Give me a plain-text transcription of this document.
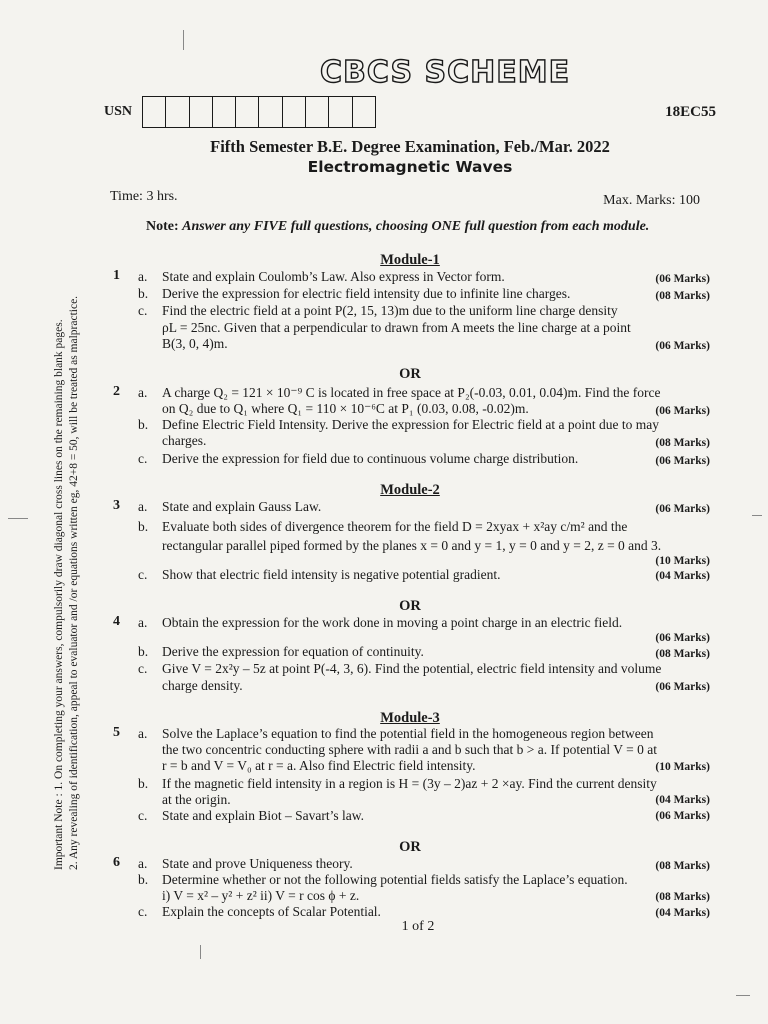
CBCS SCHEME
USN	18EC55
Fifth Semester B.E. Degree Examination, Feb./Mar. 2022
Electromagnetic Waves
Time: 3 hrs.	Max. Marks: 100
Note: Answer any FIVE full questions, choosing ONE full question from each module.
Important Note : 1. On completing your answers, compulsorily draw diagonal cross lines on the remaining blank pages. 2. Any revealing of identification, appeal to evaluator and /or equations written eg, 42+8 = 50, will be treated as malpractice.
Module-1
1 a. State and explain Coulomb’s Law. Also express in Vector form.	(06 Marks)
b. Derive the expression for electric field intensity due to infinite line charges.	(08 Marks)
c. Find the electric field at a point P(2, 15, 13)m due to the uniform line charge density
ρL = 25nc. Given that a perpendicular to drawn from A meets the line charge at a point
B(3, 0, 4)m.	(06 Marks)
OR
2 a. A charge Q₂ = 121 × 10⁻⁹ C is located in free space at P₂(-0.03, 0.01, 0.04)m. Find the force
on Q₂ due to Q₁ where Q₁ = 110 × 10⁻⁶C at P₁ (0.03, 0.08, -0.02)m.	(06 Marks)
b. Define Electric Field Intensity. Derive the expression for Electric field at a point due to may
charges.	(08 Marks)
c. Derive the expression for field due to continuous volume charge distribution.	(06 Marks)
Module-2
3 a. State and explain Gauss Law.	(06 Marks)
b. Evaluate both sides of divergence theorem for the field D = 2xyax + x²ay c/m² and the
rectangular parallel piped formed by the planes x = 0 and y = 1, y = 0 and y = 2, z = 0 and 3.
(10 Marks)
c. Show that electric field intensity is negative potential gradient.	(04 Marks)
OR
4 a. Obtain the expression for the work done in moving a point charge in an electric field.
(06 Marks)
b. Derive the expression for equation of continuity.	(08 Marks)
c. Give V = 2x²y – 5z at point P(-4, 3, 6). Find the potential, electric field intensity and volume
charge density.	(06 Marks)
Module-3
5 a. Solve the Laplace’s equation to find the potential field in the homogeneous region between
the two concentric conducting sphere with radii a and b such that b > a. If potential V = 0 at
r = b and V = V₀ at r = a. Also find Electric field intensity.	(10 Marks)
b. If the magnetic field intensity in a region is H = (3y – 2)az + 2 ×ay. Find the current density
at the origin.	(04 Marks)
c. State and explain Biot – Savart’s law.	(06 Marks)
OR
6 a. State and prove Uniqueness theory.	(08 Marks)
b. Determine whether or not the following potential fields satisfy the Laplace’s equation.
i) V = x² – y² + z² ii) V = r cos ϕ + z.	(08 Marks)
c. Explain the concepts of Scalar Potential.	(04 Marks)
1 of 2
